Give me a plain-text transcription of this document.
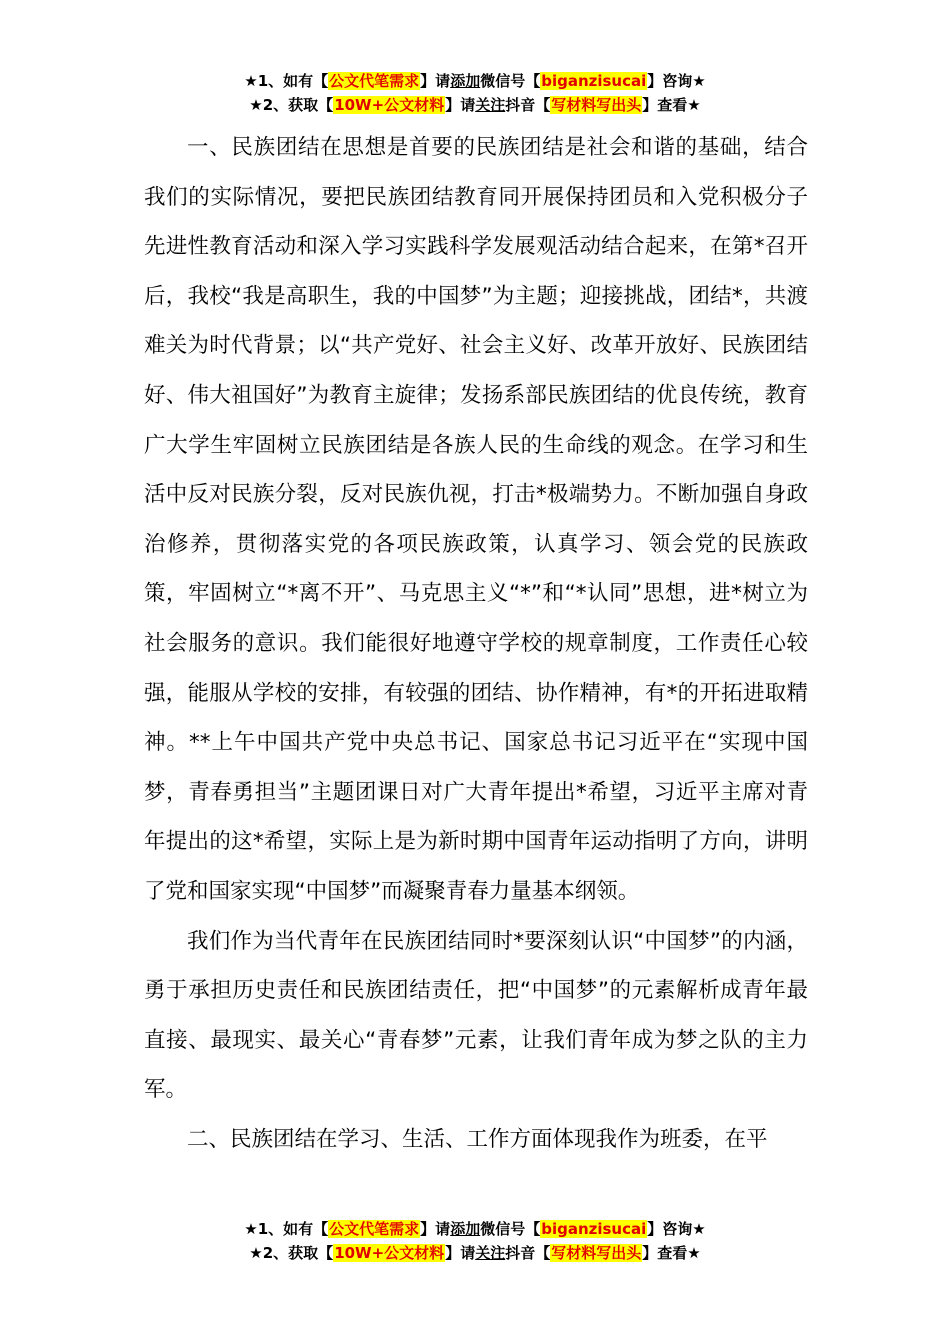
★1、如有【公文代笔需求】请添加微信号【biganzisucai】咨询★
★2、获取【10W+公文材料】请关注抖音【写材料写出头】查看★

一、民族团结在思想是首要的民族团结是社会和谐的基础，结合我们的实际情况，要把民族团结教育同开展保持团员和入党积极分子先进性教育活动和深入学习实践科学发展观活动结合起来，在第*召开后，我校“我是高职生，我的中国梦”为主题；迎接挑战，团结*，共渡难关为时代背景；以“共产党好、社会主义好、改革开放好、民族团结好、伟大祖国好”为教育主旋律；发扬系部民族团结的优良传统，教育广大学生牢固树立民族团结是各族人民的生命线的观念。在学习和生活中反对民族分裂，反对民族仇视，打击*极端势力。不断加强自身政治修养，贯彻落实党的各项民族政策，认真学习、领会党的民族政策，牢固树立“*离不开”、马克思主义“*”和“*认同”思想，进*树立为社会服务的意识。我们能很好地遵守学校的规章制度，工作责任心较强，能服从学校的安排，有较强的团结、协作精神，有*的开拓进取精神。**上午中国共产党中央总书记、国家总书记习近平在“实现中国梦，青春勇担当”主题团课日对广大青年提出*希望，习近平主席对青年提出的这*希望，实际上是为新时期中国青年运动指明了方向，讲明了党和国家实现“中国梦”而凝聚青春力量基本纲领。

我们作为当代青年在民族团结同时*要深刻认识“中国梦”的内涵，勇于承担历史责任和民族团结责任，把“中国梦”的元素解析成青年最直接、最现实、最关心“青春梦”元素，让我们青年成为梦之队的主力军。

二、民族团结在学习、生活、工作方面体现我作为班委，在平

★1、如有【公文代笔需求】请添加微信号【biganzisucai】咨询★
★2、获取【10W+公文材料】请关注抖音【写材料写出头】查看★
